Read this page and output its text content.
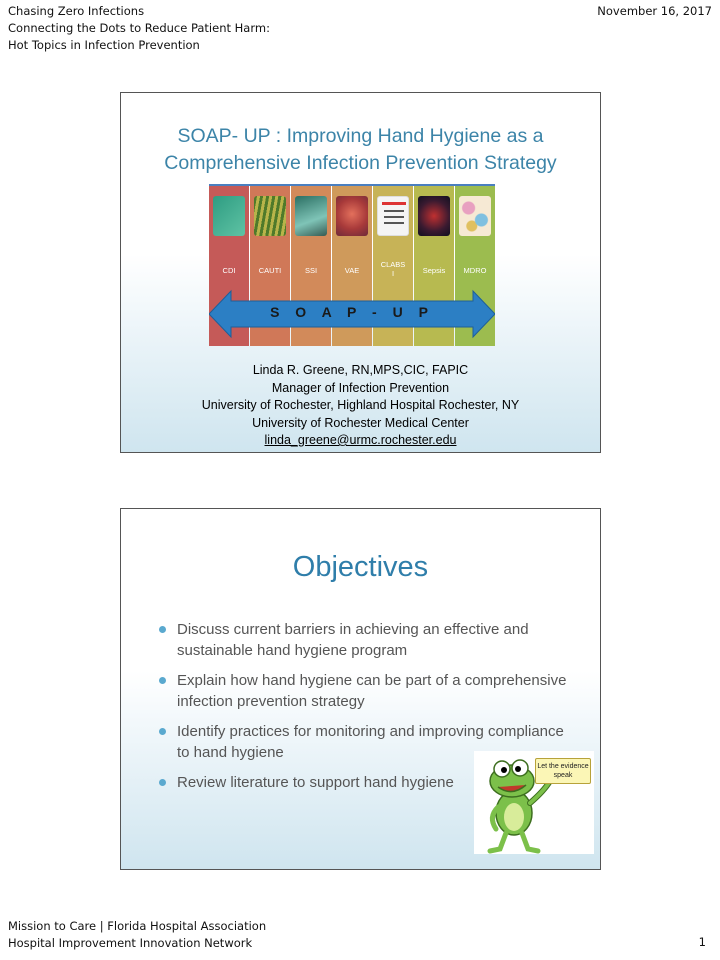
Chasing Zero Infections
Connecting the Dots to Reduce Patient Harm:
Hot Topics in Infection Prevention
November 16, 2017
SOAP- UP : Improving Hand Hygiene as a
Comprehensive Infection Prevention Strategy
CDI	CAUTI	SSI	VAE
CLABS
I	Sepsis	MDRO
S O A P - U P
Linda R. Greene, RN,MPS,CIC, FAPIC
Manager of Infection Prevention
University of Rochester, Highland Hospital Rochester, NY
University of Rochester Medical Center
linda_greene@urmc.rochester.edu
Objectives
Discuss current barriers in achieving an effective and sustainable hand hygiene program
Explain how hand hygiene can be part of a comprehensive infection prevention strategy
Identify practices for monitoring and improving compliance to hand hygiene
Review literature to support hand hygiene
Let the evidence speak
Mission to Care | Florida Hospital Association
Hospital Improvement Innovation Network	1
